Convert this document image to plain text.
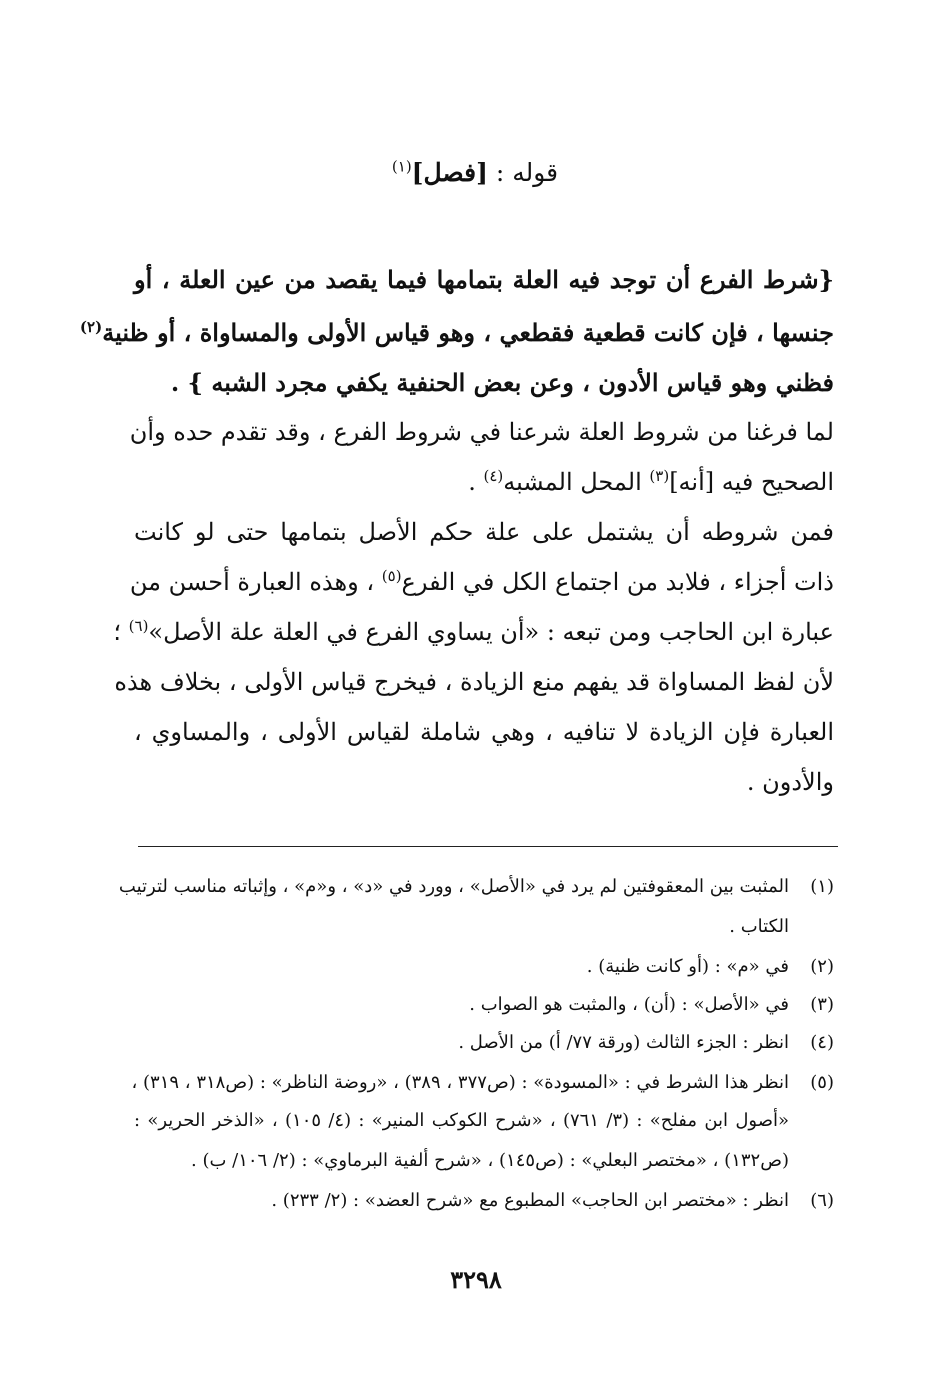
قوله : [فصل]$^{(١)}$
{شرط الفرع أن توجد فيه العلة بتمامها فيما يقصد من عين العلة ، أو
جنسها ، فإن كانت قطعية فقطعي ، وهو قياس الأولى والمساواة ، أو ظنية$^{(٢)}$
فظني وهو قياس الأدون ، وعن بعض الحنفية يكفي مجرد الشبه } .
لما فرغنا من شروط العلة شرعنا في شروط الفرع ، وقد تقدم حده وأن
الصحيح فيه [أنه]$^{(٣)}$ المحل المشبه$^{(٤)}$ .
فمن شروطه أن يشتمل على علة حكم الأصل بتمامها حتى لو كانت
ذات أجزاء ، فلابد من اجتماع الكل في الفرع$^{(٥)}$ ، وهذه العبارة أحسن من
عبارة ابن الحاجب ومن تبعه : «أن يساوي الفرع في العلة علة الأصل»$^{(٦)}$ ؛
لأن لفظ المساواة قد يفهم منع الزيادة ، فيخرج قياس الأولى ، بخلاف هذه
العبارة فإن الزيادة لا تنافيه ، وهي شاملة لقياس الأولى ، والمساوي ،
والأدون .
(١)المثبت بين المعقوفتين لم يرد في «الأصل» ، وورد في «د» ، و«م» ، وإثباته مناسب لترتيب
الكتاب .
(٢)في «م» : (أو كانت ظنية) .
(٣)في «الأصل» : (أن) ، والمثبت هو الصواب .
(٤)انظر : الجزء الثالث (ورقة ٧٧/ أ) من الأصل .
(٥)انظر هذا الشرط في : «المسودة» : (ص٣٧٧ ، ٣٨٩) ، «روضة الناظر» : (ص٣١٨ ، ٣١٩) ،
«أصول ابن مفلح» : (٣/ ٧٦١) ، «شرح الكوكب المنير» : (٤/ ١٠٥) ، «الذخر الحرير» :
(ص١٣٢) ، «مختصر البعلي» : (ص١٤٥) ، «شرح ألفية البرماوي» : (٢/ ١٠٦/ ب) .
(٦)انظر : «مختصر ابن الحاجب» المطبوع مع «شرح العضد» : (٢/ ٢٣٣) .
٣٢٩٨
